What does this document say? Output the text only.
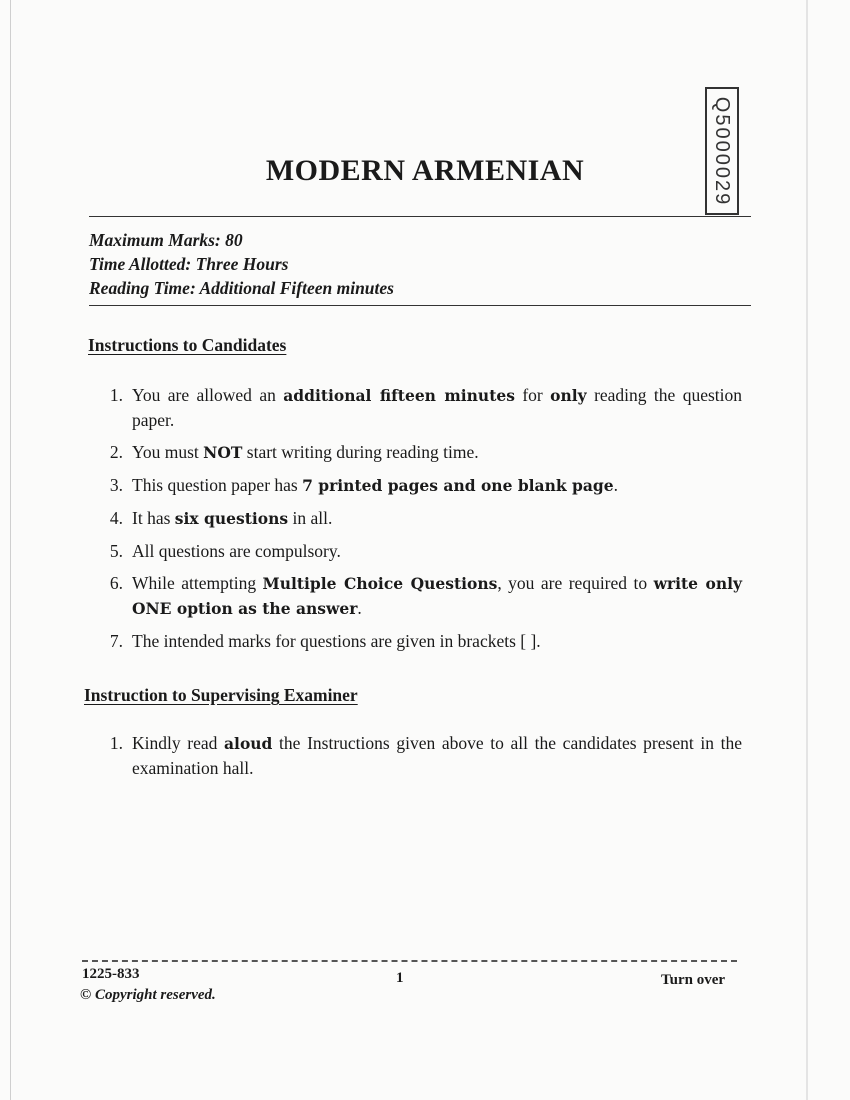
Q5000029
MODERN ARMENIAN
Maximum Marks: 80
Time Allotted: Three Hours
Reading Time: Additional Fifteen minutes
Instructions to Candidates
1. You are allowed an additional fifteen minutes for only reading the question paper.
2. You must NOT start writing during reading time.
3. This question paper has 7 printed pages and one blank page.
4. It has six questions in all.
5. All questions are compulsory.
6. While attempting Multiple Choice Questions, you are required to write only ONE option as the answer.
7. The intended marks for questions are given in brackets [ ].
Instruction to Supervising Examiner
1. Kindly read aloud the Instructions given above to all the candidates present in the examination hall.
1225-833
© Copyright reserved.
1	Turn over
